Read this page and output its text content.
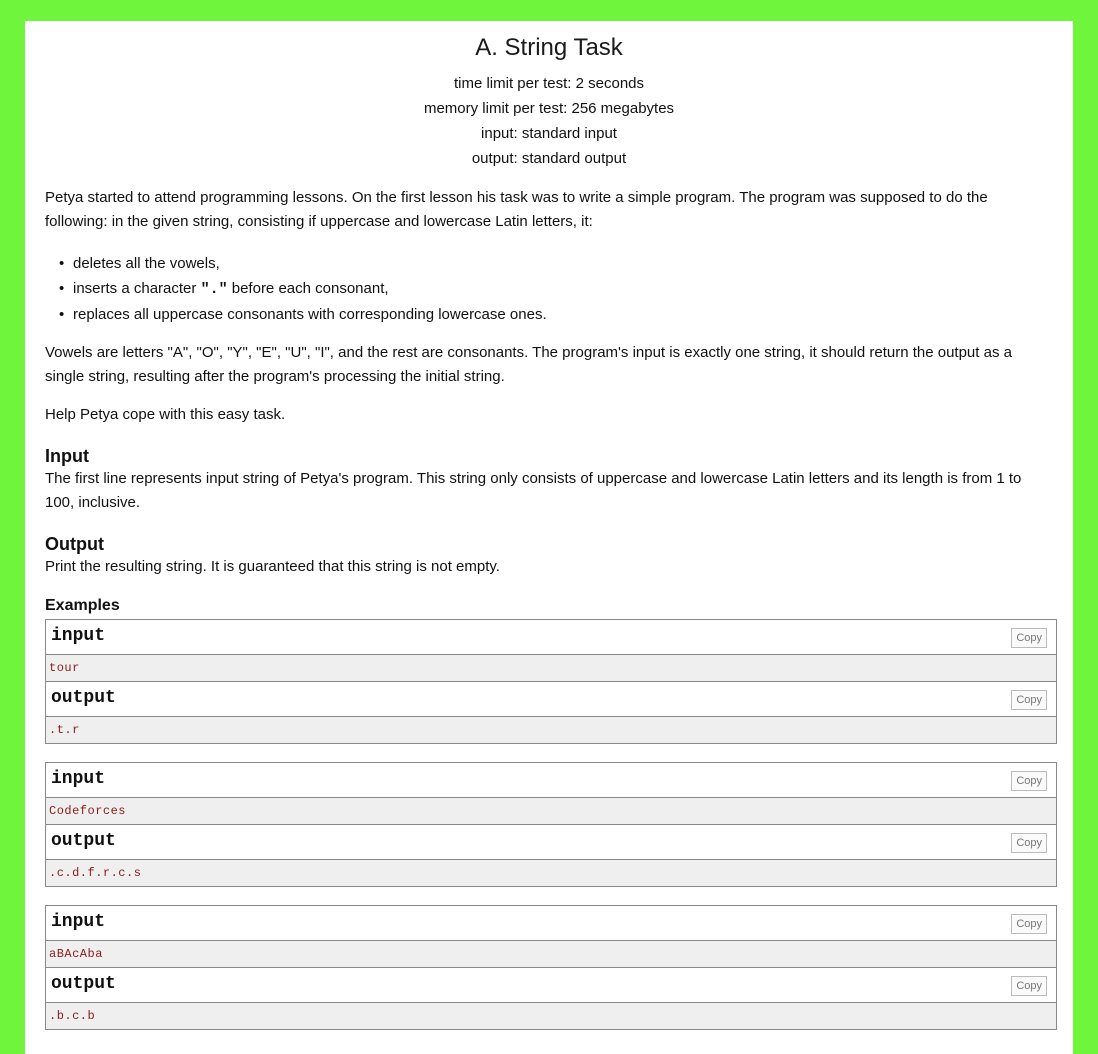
A. String Task
time limit per test: 2 seconds
memory limit per test: 256 megabytes
input: standard input
output: standard output

Petya started to attend programming lessons. On the first lesson his task was to write a simple program. The program was supposed to do the following: in the given string, consisting if uppercase and lowercase Latin letters, it:

• deletes all the vowels,
• inserts a character "." before each consonant,
• replaces all uppercase consonants with corresponding lowercase ones.

Vowels are letters "A", "O", "Y", "E", "U", "I", and the rest are consonants. The program's input is exactly one string, it should return the output as a single string, resulting after the program's processing the initial string.

Help Petya cope with this easy task.

Input

The first line represents input string of Petya's program. This string only consists of uppercase and lowercase Latin letters and its length is from 1 to 100, inclusive.

Output

Print the resulting string. It is guaranteed that this string is not empty.

Examples
input	Copy
tour
output	Copy
.t.r
input	Copy
Codeforces
output	Copy
.c.d.f.r.c.s
input	Copy
aBAcAba
output	Copy
.b.c.b
